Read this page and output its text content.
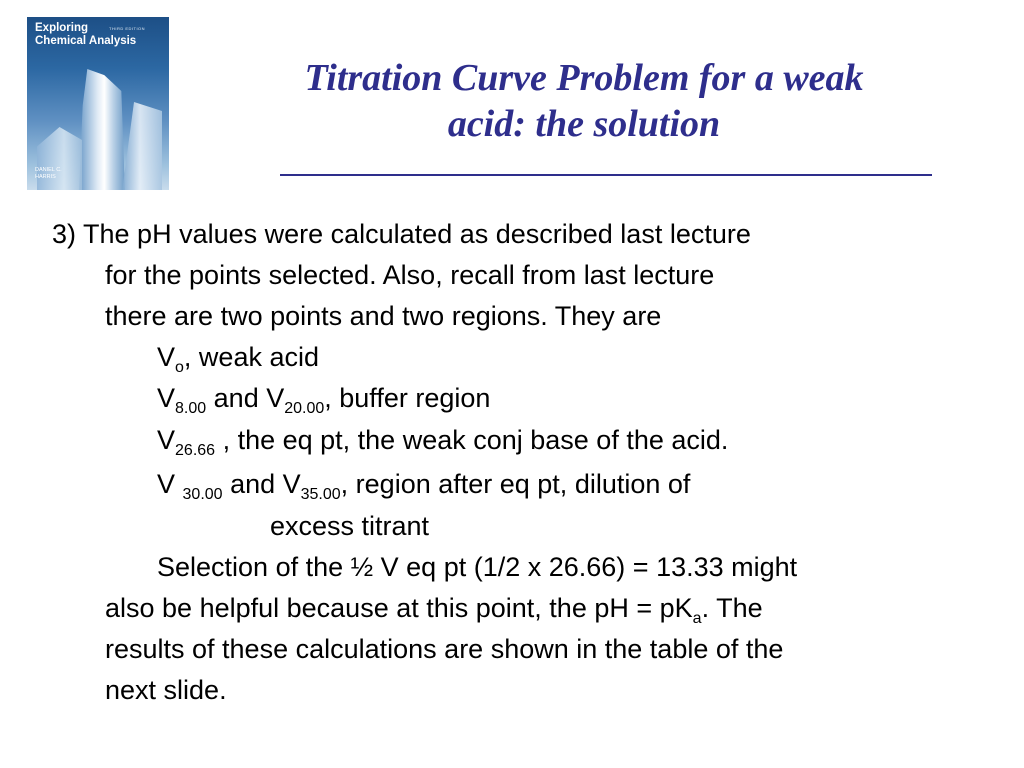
Exploring
Chemical Analysis
THIRD EDITION
DANIEL C.
HARRIS
Titration Curve Problem for a weak
acid: the solution
3) The pH values were calculated as described last lecture
for the points selected. Also, recall from last lecture
there are two points and two regions. They are
$V_o$, weak acid
$V_{8.00}$ and $V_{20.00}$, buffer region
$V_{26.66}$ , the eq pt, the weak conj base of the acid.
V $_{30.00}$ and $V_{35.00}$, region after eq pt, dilution of
excess titrant
Selection of the ½ V eq pt (1/2 x 26.66) = 13.33 might
also be helpful because at this point, the pH = $pK_a$. The
results of these calculations are shown in the table of the
next slide.
